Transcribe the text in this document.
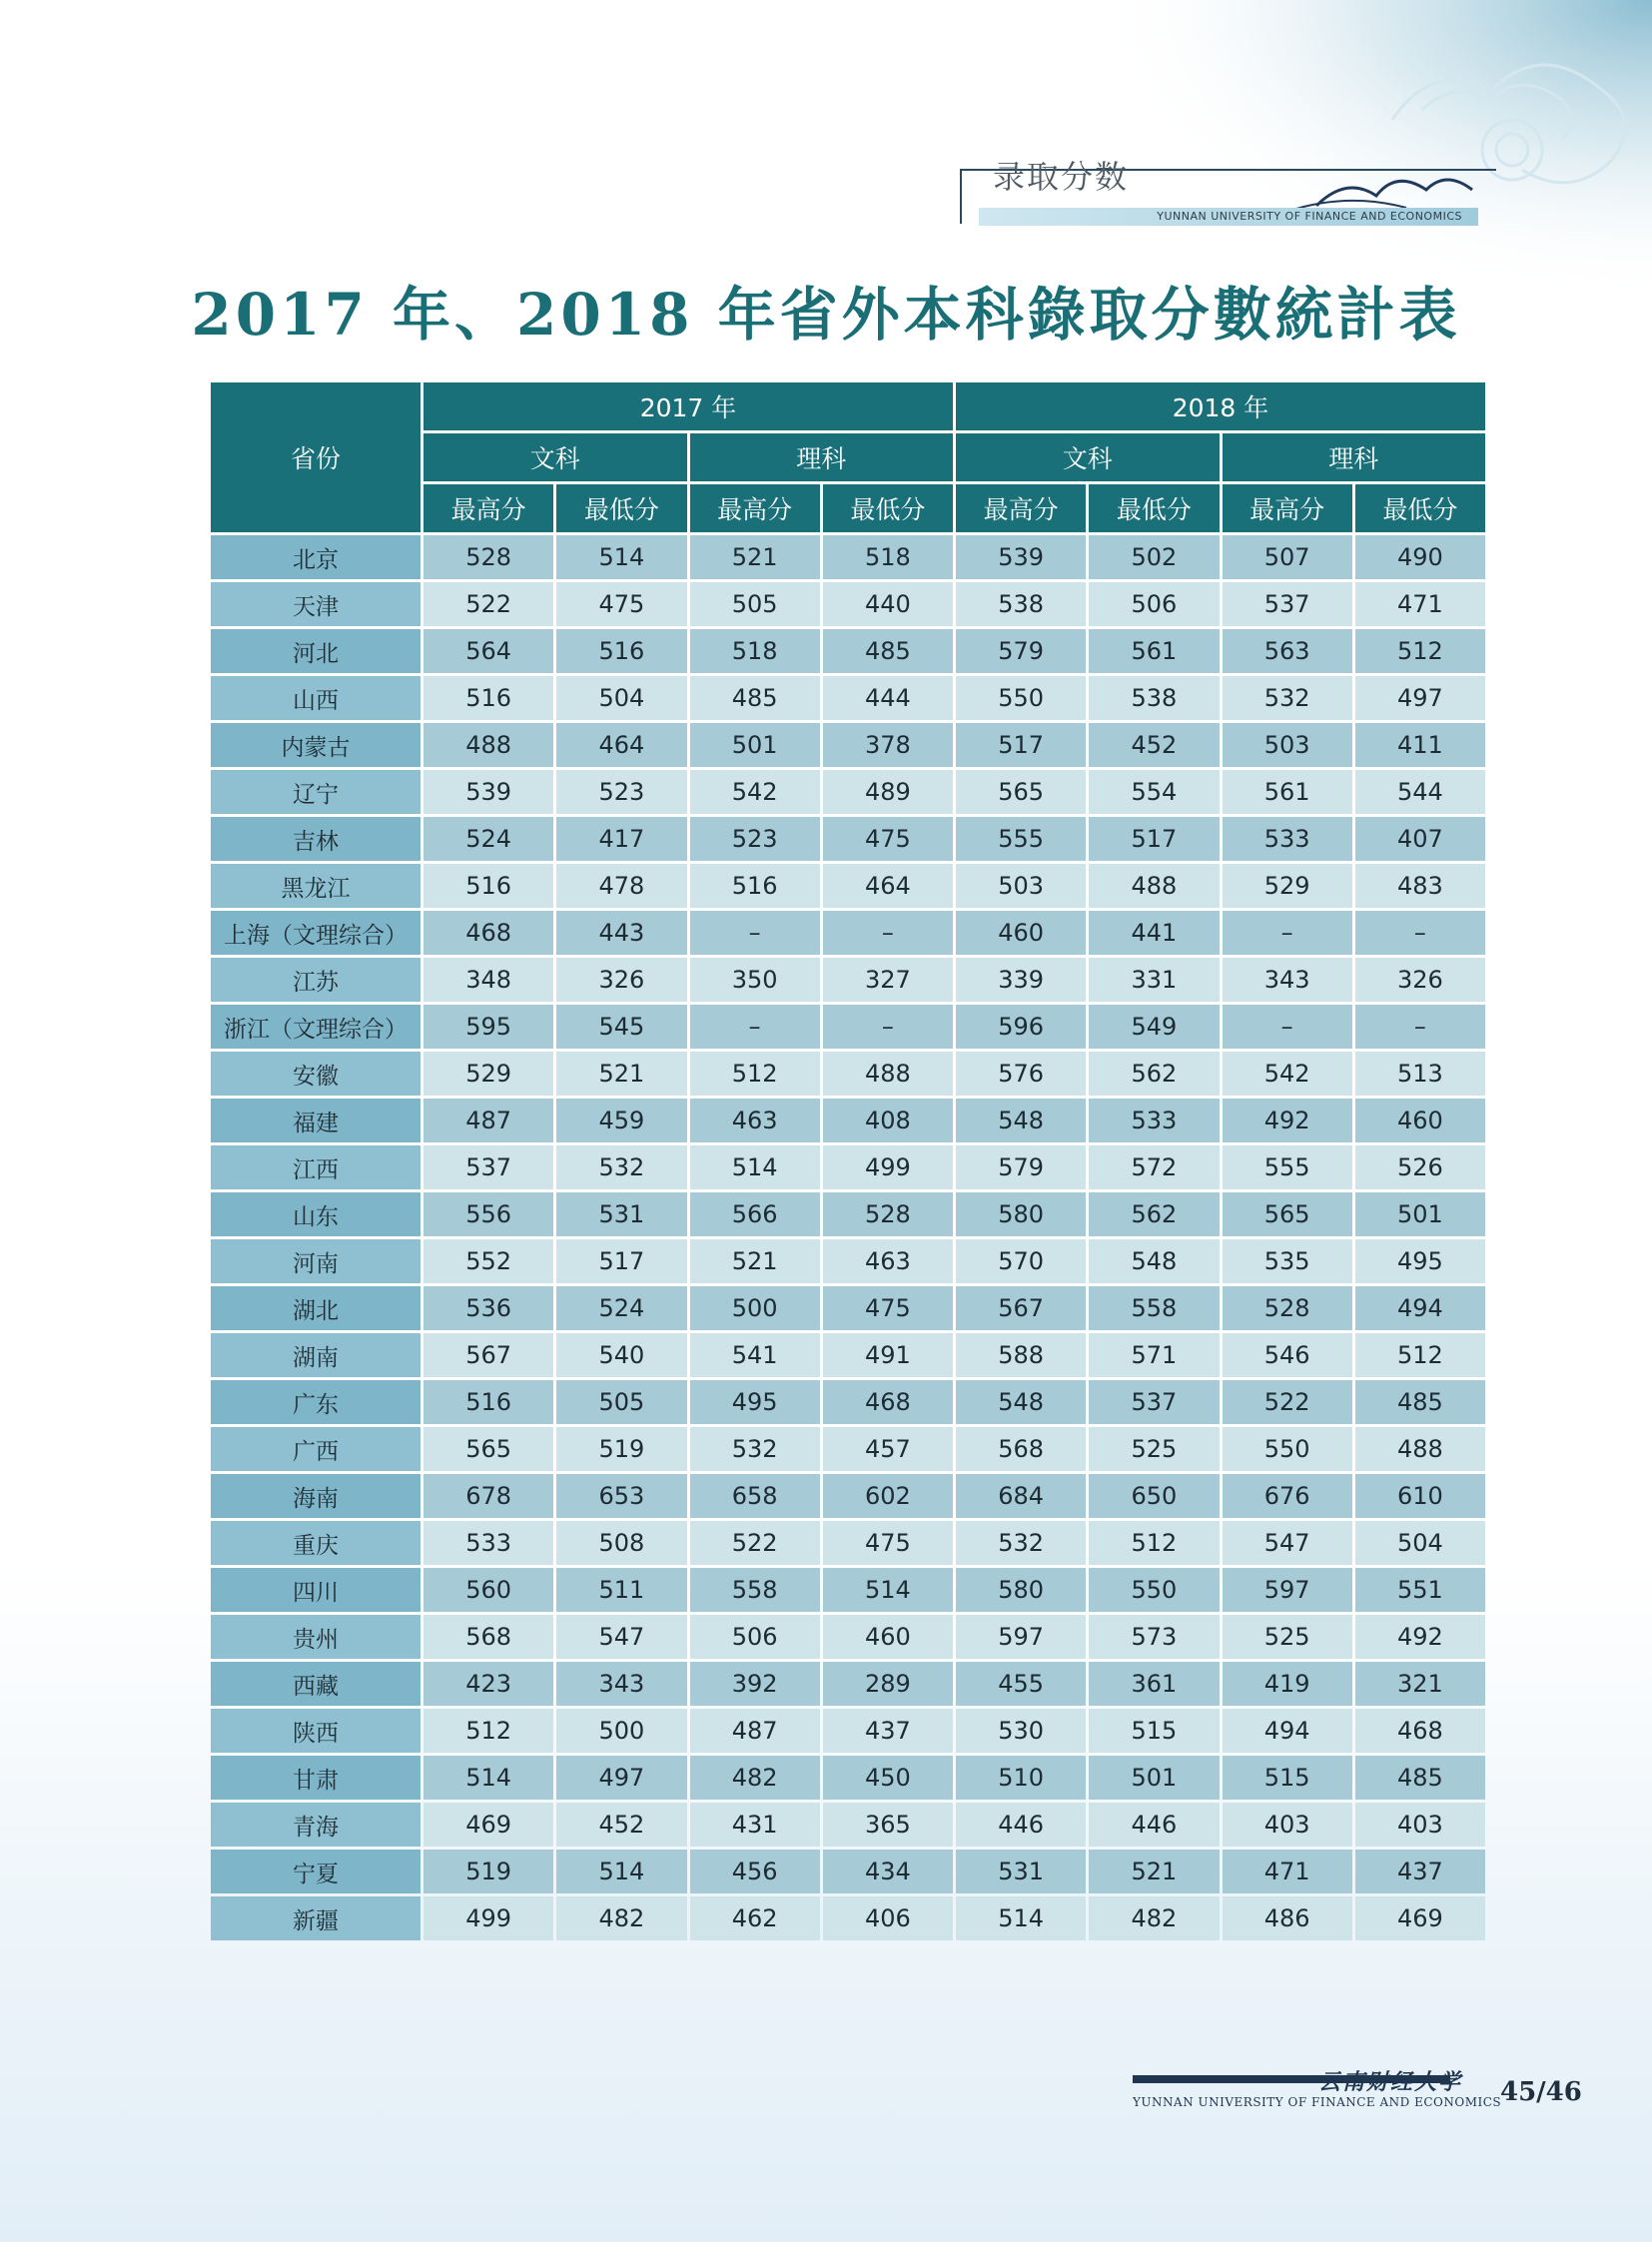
录取分数
YUNNAN UNIVERSITY OF FINANCE AND ECONOMICS
2017 年、2018 年省外本科錄取分數統計表
省份	2017 年				2018 年			
	文科		理科		文科		理科	
	最高分	最低分	最高分	最低分	最高分	最低分	最高分	最低分
北京	528	514	521	518	539	502	507	490
天津	522	475	505	440	538	506	537	471
河北	564	516	518	485	579	561	563	512
山西	516	504	485	444	550	538	532	497
内蒙古	488	464	501	378	517	452	503	411
辽宁	539	523	542	489	565	554	561	544
吉林	524	417	523	475	555	517	533	407
黑龙江	516	478	516	464	503	488	529	483
上海（文理综合）	468	443	–	–	460	441	–	–
江苏	348	326	350	327	339	331	343	326
浙江（文理综合）	595	545	–	–	596	549	–	–
安徽	529	521	512	488	576	562	542	513
福建	487	459	463	408	548	533	492	460
江西	537	532	514	499	579	572	555	526
山东	556	531	566	528	580	562	565	501
河南	552	517	521	463	570	548	535	495
湖北	536	524	500	475	567	558	528	494
湖南	567	540	541	491	588	571	546	512
广东	516	505	495	468	548	537	522	485
广西	565	519	532	457	568	525	550	488
海南	678	653	658	602	684	650	676	610
重庆	533	508	522	475	532	512	547	504
四川	560	511	558	514	580	550	597	551
贵州	568	547	506	460	597	573	525	492
西藏	423	343	392	289	455	361	419	321
陕西	512	500	487	437	530	515	494	468
甘肃	514	497	482	450	510	501	515	485
青海	469	452	431	365	446	446	403	403
宁夏	519	514	456	434	531	521	471	437
新疆	499	482	462	406	514	482	486	469
云南财经大学
YUNNAN UNIVERSITY OF FINANCE AND ECONOMICS
45/46
